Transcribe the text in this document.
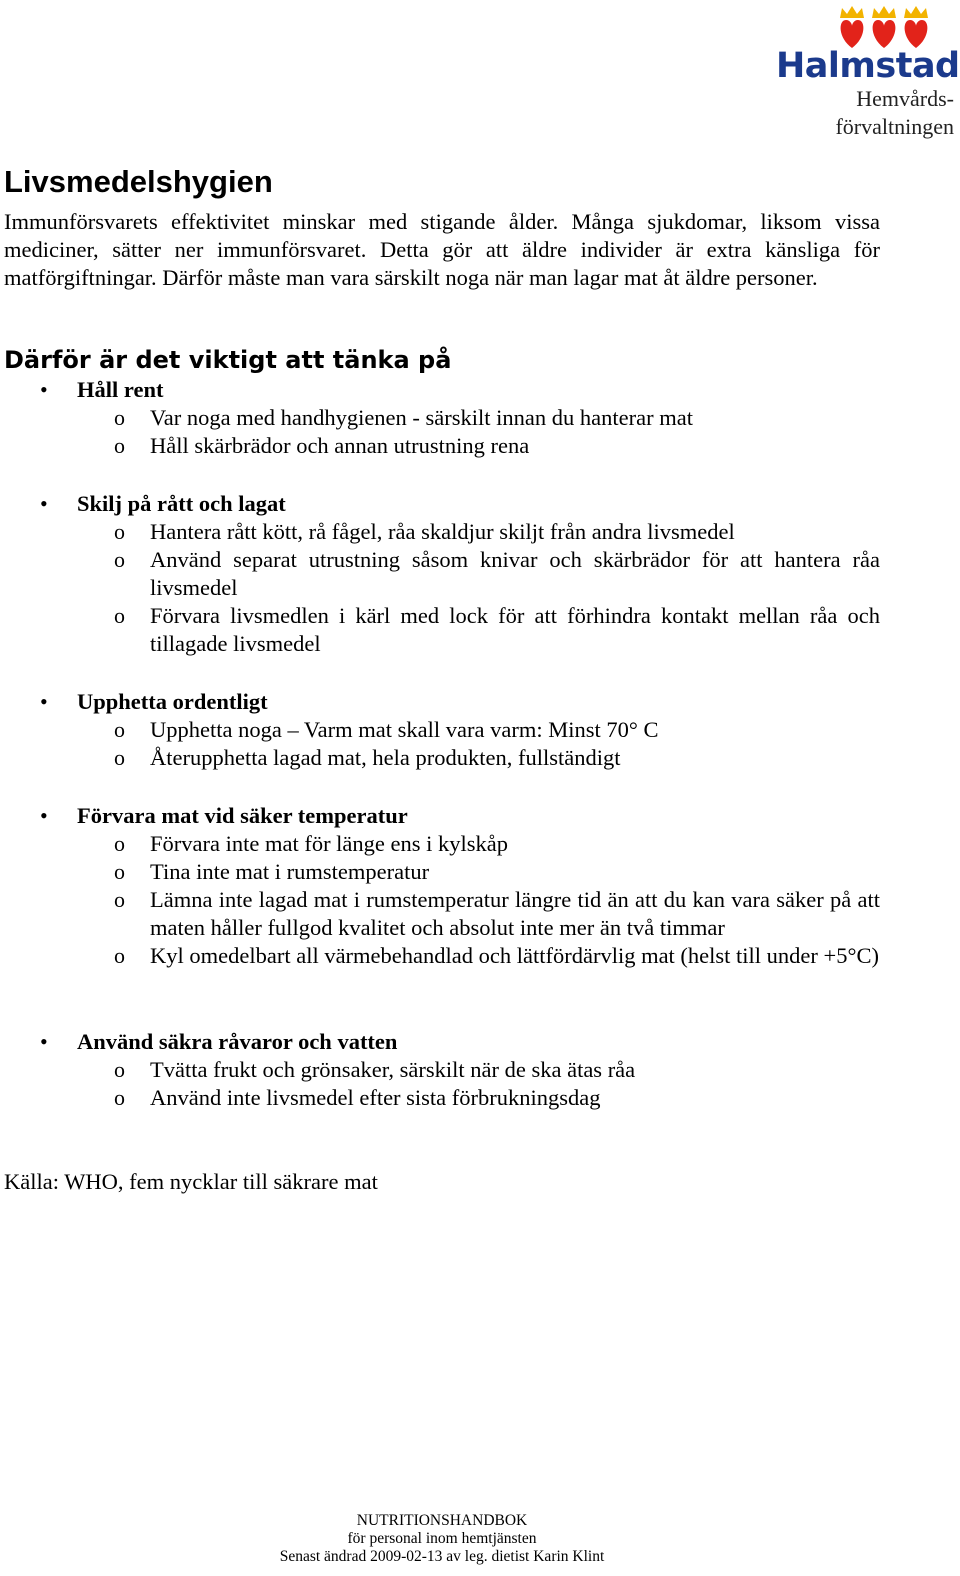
Halmstad
Hemvårds-
förvaltningen
Livsmedelshygien

Immunförsvarets effektivitet minskar med stigande ålder. Många sjukdomar, liksom vissa mediciner, sätter ner immunförsvaret. Detta gör att äldre individer är extra känsliga för matförgiftningar. Därför måste man vara särskilt noga när man lagar mat åt äldre personer.

Därför är det viktigt att tänka på
• Håll rent
o Var noga med handhygienen - särskilt innan du hanterar mat
o Håll skärbrädor och annan utrustning rena
• Skilj på rått och lagat
o Hantera rått kött, rå fågel, råa skaldjur skiljt från andra livsmedel
o Använd separat utrustning såsom knivar och skärbrädor för att hantera råa livsmedel
o Förvara livsmedlen i kärl med lock för att förhindra kontakt mellan råa och tillagade livsmedel
• Upphetta ordentligt
o Upphetta noga – Varm mat skall vara varm: Minst 70° C
o Återupphetta lagad mat, hela produkten, fullständigt
• Förvara mat vid säker temperatur
o Förvara inte mat för länge ens i kylskåp
o Tina inte mat i rumstemperatur
o Lämna inte lagad mat i rumstemperatur längre tid än att du kan vara säker på att maten håller fullgod kvalitet och absolut inte mer än två timmar
o Kyl omedelbart all värmebehandlad och lättfördärvlig mat (helst till under +5°C)
• Använd säkra råvaror och vatten
o Tvätta frukt och grönsaker, särskilt när de ska ätas råa
o Använd inte livsmedel efter sista förbrukningsdag
Källa: WHO, fem nycklar till säkrare mat
NUTRITIONSHANDBOK
för personal inom hemtjänsten
Senast ändrad 2009-02-13 av leg. dietist Karin Klint
